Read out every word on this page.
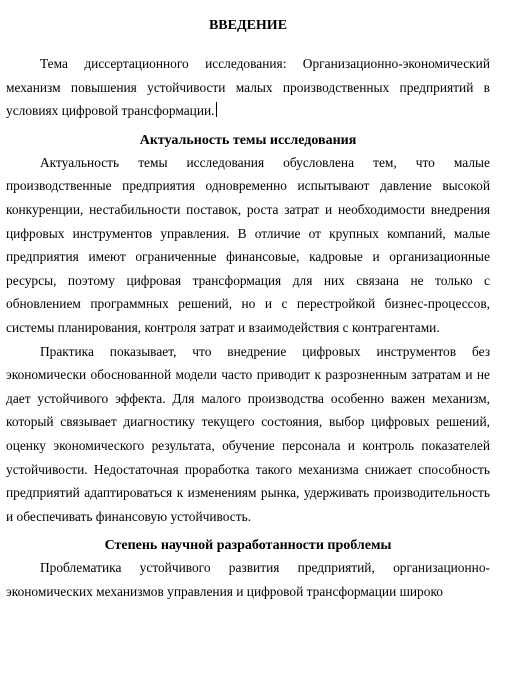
ВВЕДЕНИЕ

Тема диссертационного исследования: Организационно-экономический механизм повышения устойчивости малых производственных предприятий в условиях цифровой трансформации.

Актуальность темы исследования

Актуальность темы исследования обусловлена тем, что малые производственные предприятия одновременно испытывают давление высокой конкуренции, нестабильности поставок, роста затрат и необходимости внедрения цифровых инструментов управления. В отличие от крупных компаний, малые предприятия имеют ограниченные финансовые, кадровые и организационные ресурсы, поэтому цифровая трансформация для них связана не только с обновлением программных решений, но и с перестройкой бизнес-процессов, системы планирования, контроля затрат и взаимодействия с контрагентами.

Практика показывает, что внедрение цифровых инструментов без экономически обоснованной модели часто приводит к разрозненным затратам и не дает устойчивого эффекта. Для малого производства особенно важен механизм, который связывает диагностику текущего состояния, выбор цифровых решений, оценку экономического результата, обучение персонала и контроль показателей устойчивости. Недостаточная проработка такого механизма снижает способность предприятий адаптироваться к изменениям рынка, удерживать производительность и обеспечивать финансовую устойчивость.

Степень научной разработанности проблемы

Проблематика устойчивого развития предприятий, организационно-экономических механизмов управления и цифровой трансформации широко
